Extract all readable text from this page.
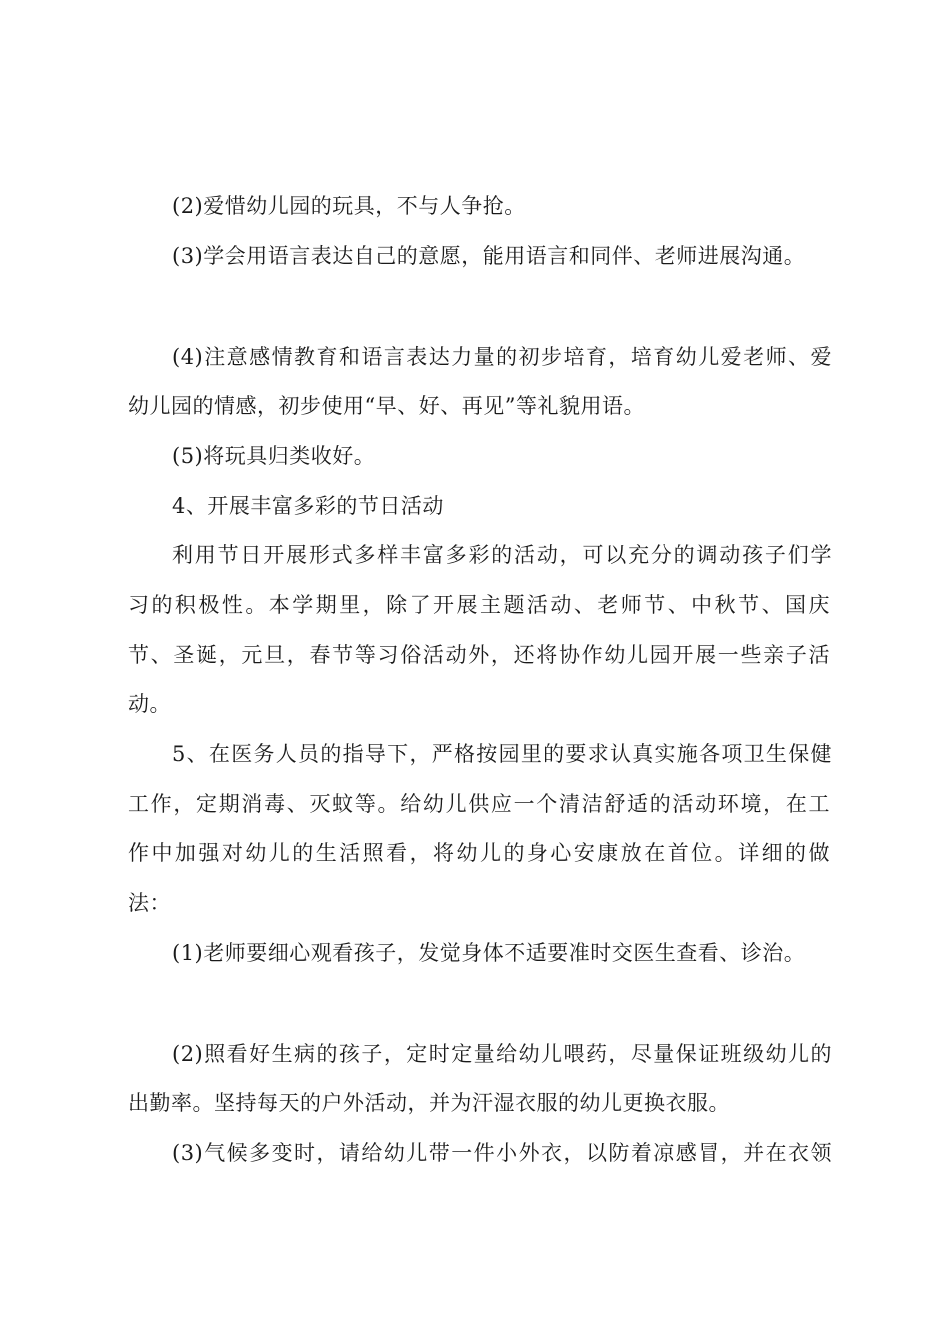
(2)爱惜幼儿园的玩具，不与人争抢。
(3)学会用语言表达自己的意愿，能用语言和同伴、老师进展沟通。
(4)注意感情教育和语言表达力量的初步培育，培育幼儿爱老师、爱
幼儿园的情感，初步使用“早、好、再见”等礼貌用语。
(5)将玩具归类收好。
4、开展丰富多彩的节日活动
利用节日开展形式多样丰富多彩的活动，可以充分的调动孩子们学
习的积极性。本学期里，除了开展主题活动、老师节、中秋节、国庆
节、圣诞，元旦，春节等习俗活动外，还将协作幼儿园开展一些亲子活
动。
5、在医务人员的指导下，严格按园里的要求认真实施各项卫生保健
工作，定期消毒、灭蚊等。给幼儿供应一个清洁舒适的活动环境，在工
作中加强对幼儿的生活照看，将幼儿的身心安康放在首位。详细的做
法：
(1)老师要细心观看孩子，发觉身体不适要准时交医生查看、诊治。
(2)照看好生病的孩子，定时定量给幼儿喂药，尽量保证班级幼儿的
出勤率。坚持每天的户外活动，并为汗湿衣服的幼儿更换衣服。
(3)气候多变时，请给幼儿带一件小外衣，以防着凉感冒，并在衣领
